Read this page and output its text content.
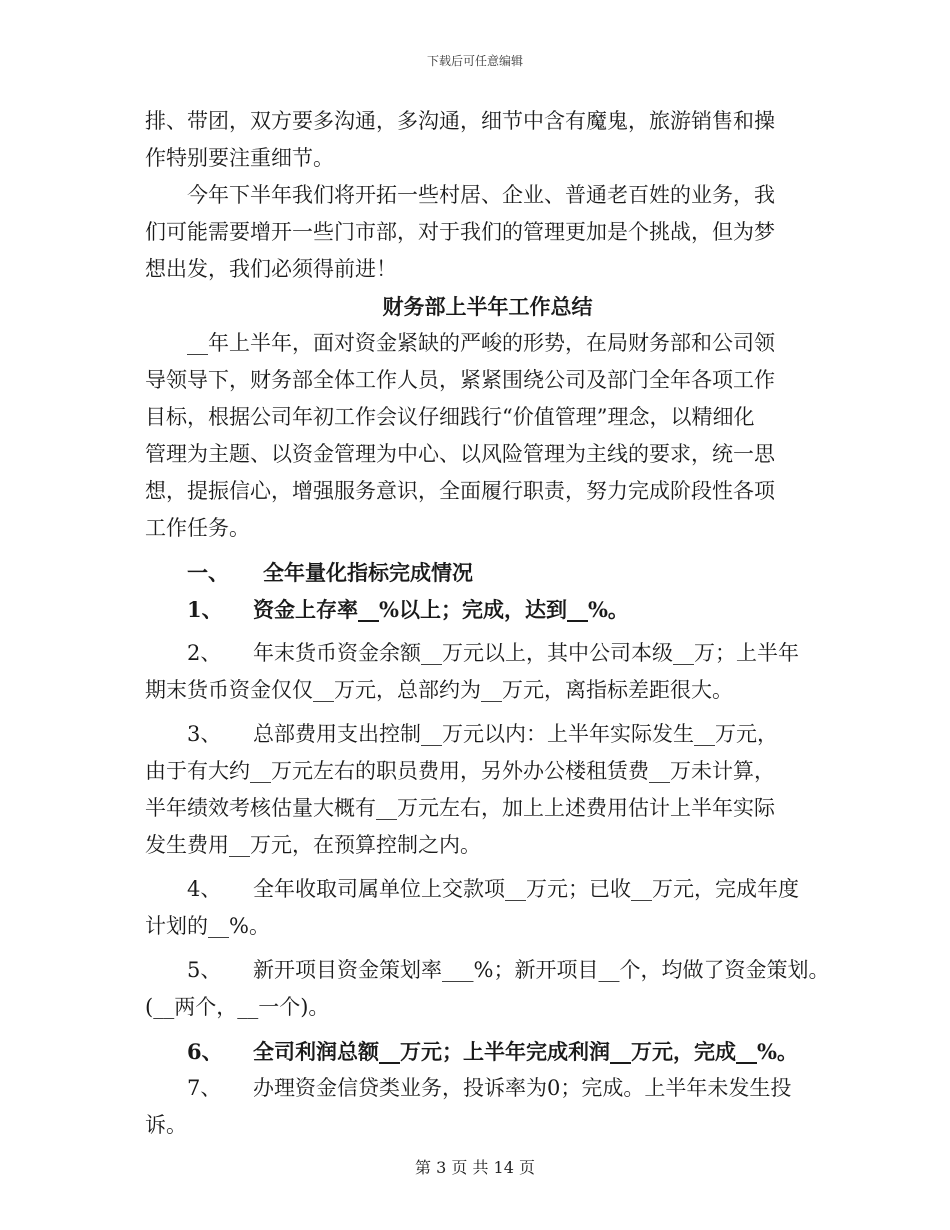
下载后可任意编辑
排、带团，双方要多沟通，多沟通，细节中含有魔鬼，旅游销售和操
作特别要注重细节。
今年下半年我们将开拓一些村居、企业、普通老百姓的业务，我
们可能需要增开一些门市部，对于我们的管理更加是个挑战，但为梦
想出发，我们必须得前进！
财务部上半年工作总结
__年上半年，面对资金紧缺的严峻的形势，在局财务部和公司领
导领导下，财务部全体工作人员，紧紧围绕公司及部门全年各项工作
目标，根据公司年初工作会议仔细践行“价值管理”理念，以精细化
管理为主题、以资金管理为中心、以风险管理为主线的要求，统一思
想，提振信心，增强服务意识，全面履行职责，努力完成阶段性各项
工作任务。
一、 全年量化指标完成情况
1、 资金上存率__%以上；完成，达到__%。
2、 年末货币资金余额__万元以上，其中公司本级__万；上半年
期末货币资金仅仅__万元，总部约为__万元，离指标差距很大。
3、 总部费用支出控制__万元以内：上半年实际发生__万元，
由于有大约__万元左右的职员费用，另外办公楼租赁费__万未计算，
半年绩效考核估量大概有__万元左右，加上上述费用估计上半年实际
发生费用__万元，在预算控制之内。
4、 全年收取司属单位上交款项__万元；已收__万元，完成年度
计划的__%。
5、 新开项目资金策划率___%；新开项目__个，均做了资金策划。
(__两个，__一个)。
6、 全司利润总额__万元；上半年完成利润__万元，完成__%。
7、 办理资金信贷类业务，投诉率为0；完成。上半年未发生投
诉。
第 3 页 共 14 页
